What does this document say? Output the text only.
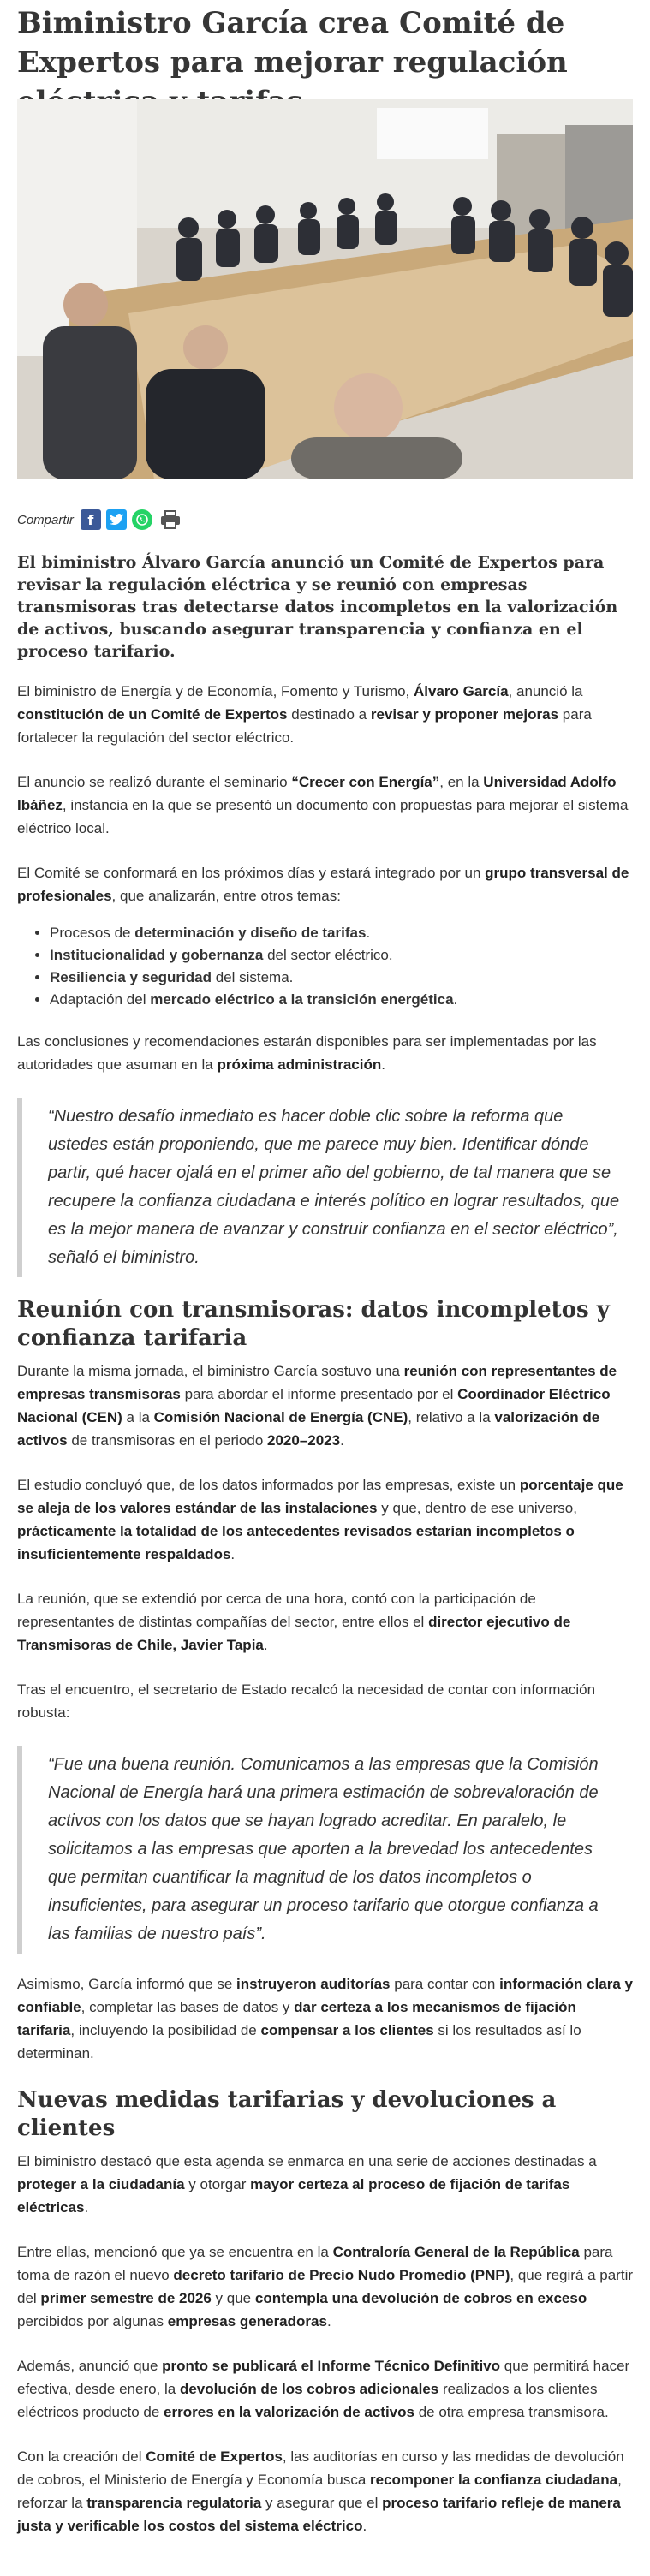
Biministro García crea Comité de Expertos para mejorar regulación
Compartir	f

El biministro Álvaro García anunció un Comité de Expertos para revisar la regulación eléctrica y se reunió con empresas transmisoras tras detectarse datos incompletos en la valorización de activos, buscando asegurar transparencia y confianza en el proceso tarifario.

El biministro de Energía y de Economía, Fomento y Turismo, Álvaro García, anunció la constitución de un Comité de Expertos destinado a revisar y proponer mejoras para fortalecer la regulación del sector eléctrico.

El anuncio se realizó durante el seminario “Crecer con Energía”, en la Universidad Adolfo Ibáñez, instancia en la que se presentó un documento con propuestas para mejorar el sistema eléctrico local.

El Comité se conformará en los próximos días y estará integrado por un grupo transversal de profesionales, que analizarán, entre otros temas:

• Procesos de determinación y diseño de tarifas.
• Institucionalidad y gobernanza del sector eléctrico.
• Resiliencia y seguridad del sistema.
• Adaptación del mercado eléctrico a la transición energética.

Las conclusiones y recomendaciones estarán disponibles para ser implementadas por las autoridades que asuman en la próxima administración.

“Nuestro desafío inmediato es hacer doble clic sobre la reforma que ustedes están proponiendo, que me parece muy bien. Identificar dónde partir, qué hacer ojalá en el primer año del gobierno, de tal manera que se recupere la confianza ciudadana e interés político en lograr resultados, que es la mejor manera de avanzar y construir confianza en el sector eléctrico”, señaló el biministro.
Reunión con transmisoras: datos incompletos y confianza tarifaria

Durante la misma jornada, el biministro García sostuvo una reunión con representantes de empresas transmisoras para abordar el informe presentado por el Coordinador Eléctrico Nacional (CEN) a la Comisión Nacional de Energía (CNE), relativo a la valorización de activos de transmisoras en el periodo 2020–2023.

El estudio concluyó que, de los datos informados por las empresas, existe un porcentaje que se aleja de los valores estándar de las instalaciones y que, dentro de ese universo, prácticamente la totalidad de los antecedentes revisados estarían incompletos o insuficientemente respaldados.

La reunión, que se extendió por cerca de una hora, contó con la participación de representantes de distintas compañías del sector, entre ellos el director ejecutivo de Transmisoras de Chile, Javier Tapia.

Tras el encuentro, el secretario de Estado recalcó la necesidad de contar con información robusta:

“Fue una buena reunión. Comunicamos a las empresas que la Comisión Nacional de Energía hará una primera estimación de sobrevaloración de activos con los datos que se hayan logrado acreditar. En paralelo, le solicitamos a las empresas que aporten a la brevedad los antecedentes que permitan cuantificar la magnitud de los datos incompletos o insuficientes, para asegurar un proceso tarifario que otorgue confianza a las familias de nuestro país”.

Asimismo, García informó que se instruyeron auditorías para contar con información clara y confiable, completar las bases de datos y dar certeza a los mecanismos de fijación tarifaria, incluyendo la posibilidad de compensar a los clientes si los resultados así lo determinan.

Nuevas medidas tarifarias y devoluciones a clientes

El biministro destacó que esta agenda se enmarca en una serie de acciones destinadas a proteger a la ciudadanía y otorgar mayor certeza al proceso de fijación de tarifas eléctricas.

Entre ellas, mencionó que ya se encuentra en la Contraloría General de la República para toma de razón el nuevo decreto tarifario de Precio Nudo Promedio (PNP), que regirá a partir del primer semestre de 2026 y que contempla una devolución de cobros en exceso percibidos por algunas empresas generadoras.

Además, anunció que pronto se publicará el Informe Técnico Definitivo que permitirá hacer efectiva, desde enero, la devolución de los cobros adicionales realizados a los clientes eléctricos producto de errores en la valorización de activos de otra empresa transmisora.

Con la creación del Comité de Expertos, las auditorías en curso y las medidas de devolución de cobros, el Ministerio de Energía y Economía busca recomponer la confianza ciudadana, reforzar la transparencia regulatoria y asegurar que el proceso tarifario refleje de manera justa y verificable los costos del sistema eléctrico.
